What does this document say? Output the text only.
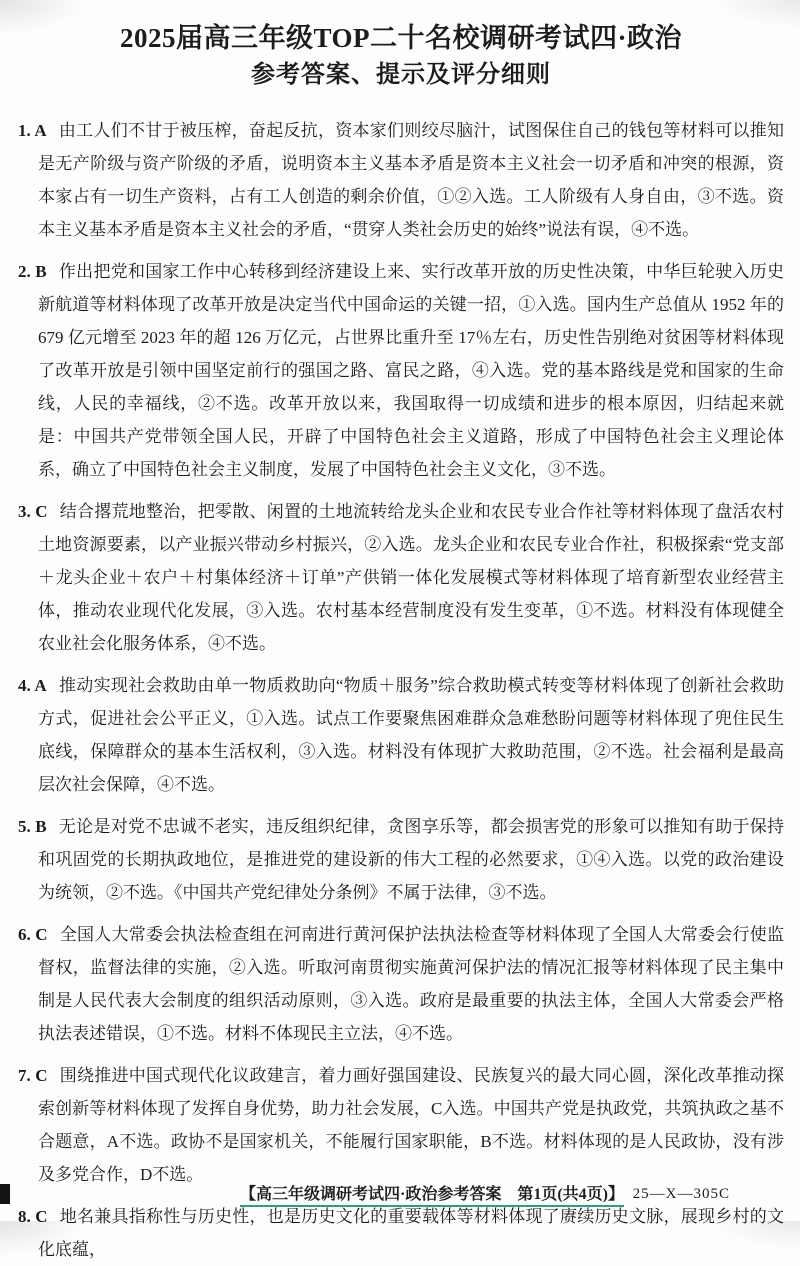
2025届高三年级TOP二十名校调研考试四·政治
参考答案、提示及评分细则
1. A 由工人们不甘于被压榨，奋起反抗，资本家们则绞尽脑汁，试图保住自己的钱包等材料可以推知是无产阶级与资产阶级的矛盾，说明资本主义基本矛盾是资本主义社会一切矛盾和冲突的根源，资本家占有一切生产资料，占有工人创造的剩余价值，①②入选。工人阶级有人身自由，③不选。资本主义基本矛盾是资本主义社会的矛盾，“贯穿人类社会历史的始终”说法有误，④不选。
2. B 作出把党和国家工作中心转移到经济建设上来、实行改革开放的历史性决策，中华巨轮驶入历史新航道等材料体现了改革开放是决定当代中国命运的关键一招，①入选。国内生产总值从 1952 年的 679 亿元增至 2023 年的超 126 万亿元，占世界比重升至 17％左右，历史性告别绝对贫困等材料体现了改革开放是引领中国坚定前行的强国之路、富民之路，④入选。党的基本路线是党和国家的生命线，人民的幸福线，②不选。改革开放以来，我国取得一切成绩和进步的根本原因，归结起来就是：中国共产党带领全国人民，开辟了中国特色社会主义道路，形成了中国特色社会主义理论体系，确立了中国特色社会主义制度，发展了中国特色社会主义文化，③不选。
3. C 结合撂荒地整治，把零散、闲置的土地流转给龙头企业和农民专业合作社等材料体现了盘活农村土地资源要素，以产业振兴带动乡村振兴，②入选。龙头企业和农民专业合作社，积极探索“党支部＋龙头企业＋农户＋村集体经济＋订单”产供销一体化发展模式等材料体现了培育新型农业经营主体，推动农业现代化发展，③入选。农村基本经营制度没有发生变革，①不选。材料没有体现健全农业社会化服务体系，④不选。
4. A 推动实现社会救助由单一物质救助向“物质＋服务”综合救助模式转变等材料体现了创新社会救助方式，促进社会公平正义，①入选。试点工作要聚焦困难群众急难愁盼问题等材料体现了兜住民生底线，保障群众的基本生活权利，③入选。材料没有体现扩大救助范围，②不选。社会福利是最高层次社会保障，④不选。
5. B 无论是对党不忠诚不老实，违反组织纪律，贪图享乐等，都会损害党的形象可以推知有助于保持和巩固党的长期执政地位，是推进党的建设新的伟大工程的必然要求，①④入选。以党的政治建设为统领，②不选。《中国共产党纪律处分条例》不属于法律，③不选。
6. C 全国人大常委会执法检查组在河南进行黄河保护法执法检查等材料体现了全国人大常委会行使监督权，监督法律的实施，②入选。听取河南贯彻实施黄河保护法的情况汇报等材料体现了民主集中制是人民代表大会制度的组织活动原则，③入选。政府是最重要的执法主体，全国人大常委会严格执法表述错误，①不选。材料不体现民主立法，④不选。
7. C 围绕推进中国式现代化议政建言，着力画好强国建设、民族复兴的最大同心圆，深化改革推动探索创新等材料体现了发挥自身优势，助力社会发展，C入选。中国共产党是执政党，共筑执政之基不合题意，A不选。政协不是国家机关，不能履行国家职能，B不选。材料体现的是人民政协，没有涉及多党合作，D不选。
8. C 地名兼具指称性与历史性，也是历史文化的重要载体等材料体现了赓续历史文脉，展现乡村的文化底蕴，
【高三年级调研考试四·政治参考答案　第1页(共4页)】 25—X—305C
